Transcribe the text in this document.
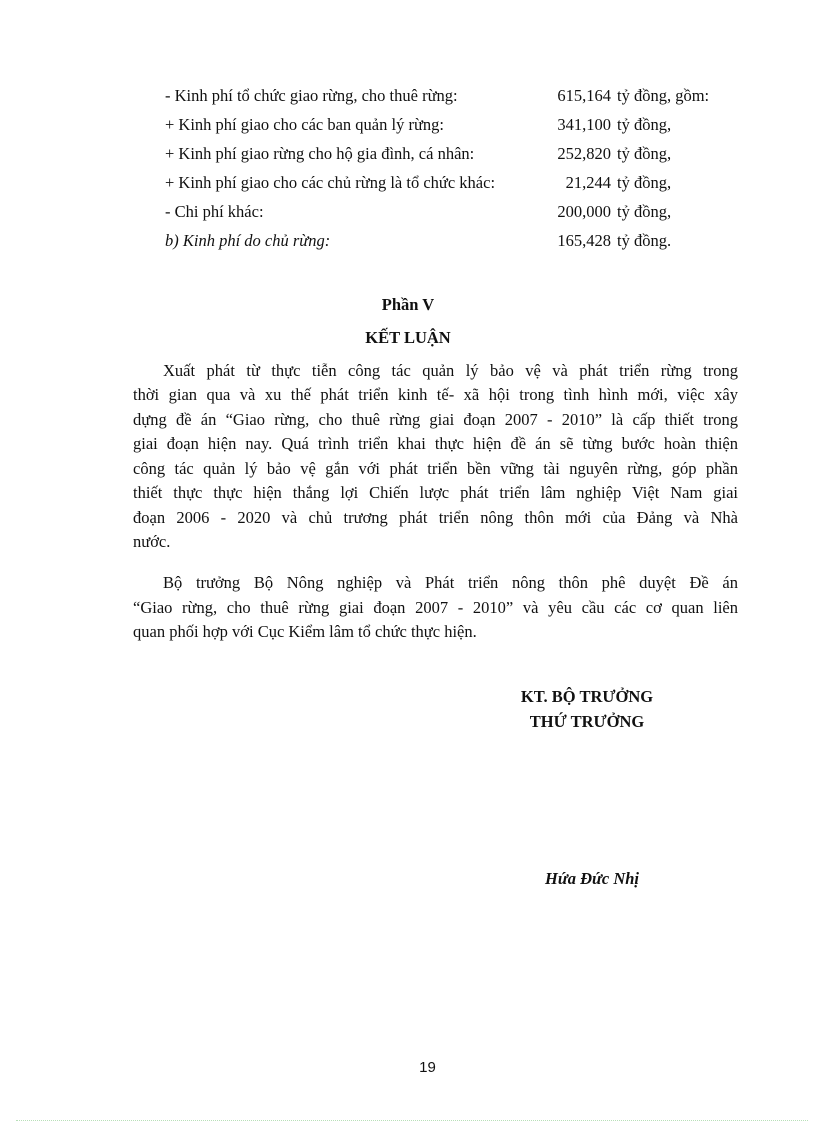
- Kinh phí tổ chức giao rừng, cho thuê rừng:	615,164 tỷ đồng, gồm:
+ Kinh phí giao cho các ban quản lý rừng:	341,100 tỷ đồng,
+ Kinh phí giao rừng cho hộ gia đình, cá nhân:	252,820 tỷ đồng,
+ Kinh phí giao cho các chủ rừng là tổ chức khác:	21,244 tỷ đồng,
- Chi phí khác:	200,000 tỷ đồng,
b) Kinh phí do chủ rừng:	165,428 tỷ đồng.
Phần V
KẾT LUẬN
Xuất phát từ thực tiễn công tác quản lý bảo vệ và phát triển rừng trong
thời gian qua và xu thế phát triển kinh tế- xã hội trong tình hình mới, việc xây
dựng đề án “Giao rừng, cho thuê rừng giai đoạn 2007 - 2010” là cấp thiết trong
giai đoạn hiện nay. Quá trình triển khai thực hiện đề án sẽ từng bước hoàn thiện
công tác quản lý bảo vệ gắn với phát triển bền vững tài nguyên rừng, góp phần
thiết thực thực hiện thắng lợi Chiến lược phát triển lâm nghiệp Việt Nam giai
đoạn 2006 - 2020 và chủ trương phát triển nông thôn mới của Đảng và Nhà
nước.
Bộ trưởng Bộ Nông nghiệp và Phát triển nông thôn phê duyệt Đề án
“Giao rừng, cho thuê rừng giai đoạn 2007 - 2010” và yêu cầu các cơ quan liên
quan phối hợp với Cục Kiểm lâm tổ chức thực hiện.
KT. BỘ TRƯỞNG
THỨ TRƯỞNG
Hứa Đức Nhị
19
